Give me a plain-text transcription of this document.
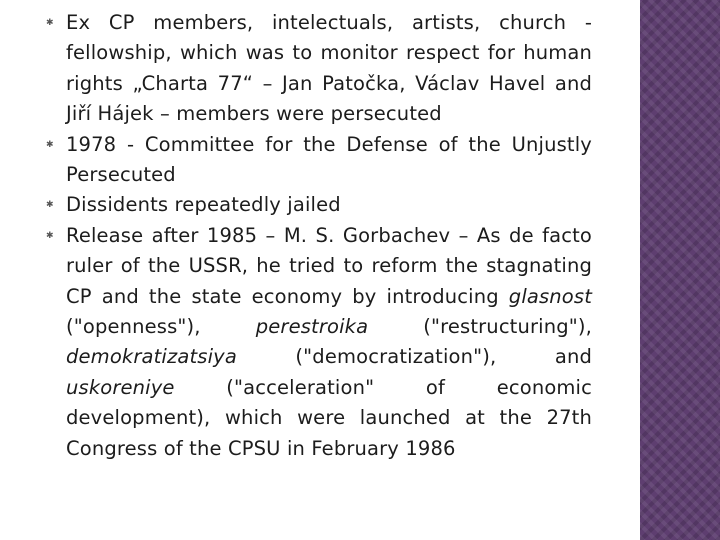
✱ Ex CP members, intelectuals, artists, church - fellowship, which was to monitor respect for human rights „Charta 77“ – Jan Patočka, Václav Havel and Jiří Hájek – members were persecuted
✱ 1978 - Committee for the Defense of the Unjustly Persecuted
✱ Dissidents repeatedly jailed
✱ Release after 1985 – M. S. Gorbachev – As de facto ruler of the USSR, he tried to reform the stagnating CP and the state economy by introducing glasnost ("openness"), perestroika ("restructuring"), demokratizatsiya ("democratization"), and uskoreniye ("acceleration" of economic development), which were launched at the 27th Congress of the CPSU in February 1986
